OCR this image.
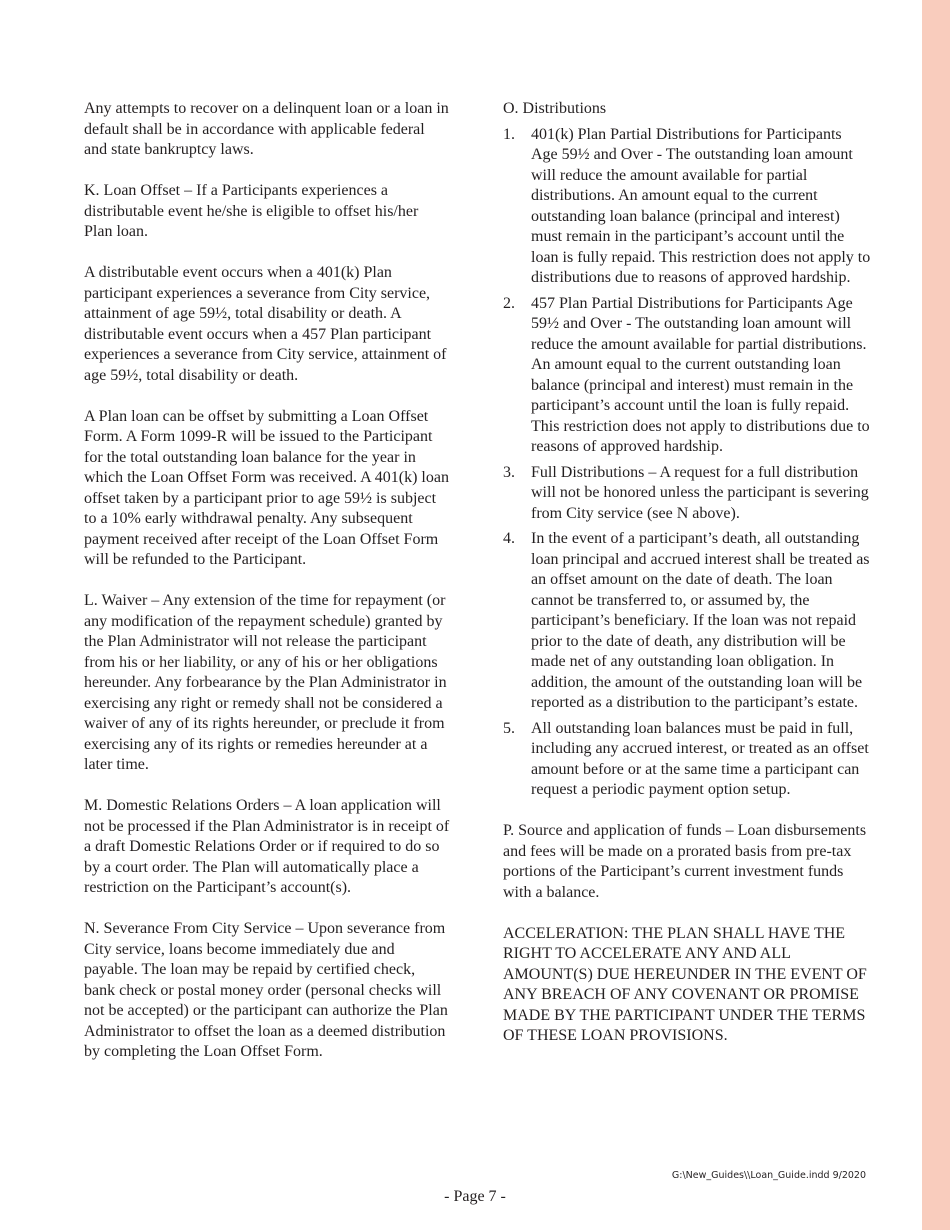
Any attempts to recover on a delinquent loan or a loan in default shall be in accordance with applicable federal and state bankruptcy laws.

K. Loan Offset – If a Participants experiences a distributable event he/she is eligible to offset his/her Plan loan.

A distributable event occurs when a 401(k) Plan participant experiences a severance from City service, attainment of age 59½, total disability or death. A distributable event occurs when a 457 Plan participant experiences a severance from City service, attainment of age 59½, total disability or death.

A Plan loan can be offset by submitting a Loan Offset Form. A Form 1099-R will be issued to the Participant for the total outstanding loan balance for the year in which the Loan Offset Form was received. A 401(k) loan offset taken by a participant prior to age 59½ is subject to a 10% early withdrawal penalty. Any subsequent payment received after receipt of the Loan Offset Form will be refunded to the Participant.

L. Waiver – Any extension of the time for repayment (or any modification of the repayment schedule) granted by the Plan Administrator will not release the participant from his or her liability, or any of his or her obligations hereunder. Any forbearance by the Plan Administrator in exercising any right or remedy shall not be considered a waiver of any of its rights hereunder, or preclude it from exercising any of its rights or remedies hereunder at a later time.

M. Domestic Relations Orders – A loan application will not be processed if the Plan Administrator is in receipt of a draft Domestic Relations Order or if required to do so by a court order. The Plan will automatically place a restriction on the Participant’s account(s).

N. Severance From City Service – Upon severance from City service, loans become immediately due and payable. The loan may be repaid by certified check, bank check or postal money order (personal checks will not be accepted) or the participant can authorize the Plan Administrator to offset the loan as a deemed distribution by completing the Loan Offset Form.

O. Distributions

1. 401(k) Plan Partial Distributions for Participants Age 59½ and Over - The outstanding loan amount will reduce the amount available for partial distributions. An amount equal to the current outstanding loan balance (principal and interest) must remain in the participant’s account until the loan is fully repaid. This restriction does not apply to distributions due to reasons of approved hardship.
2. 457 Plan Partial Distributions for Participants Age 59½ and Over - The outstanding loan amount will reduce the amount available for partial distributions. An amount equal to the current outstanding loan balance (principal and interest) must remain in the participant’s account until the loan is fully repaid. This restriction does not apply to distributions due to reasons of approved hardship.
3. Full Distributions – A request for a full distribution will not be honored unless the participant is severing from City service (see N above).
4. In the event of a participant’s death, all outstanding loan principal and accrued interest shall be treated as an offset amount on the date of death. The loan cannot be transferred to, or assumed by, the participant’s beneficiary. If the loan was not repaid prior to the date of death, any distribution will be made net of any outstanding loan obligation. In addition, the amount of the outstanding loan will be reported as a distribution to the participant’s estate.
5. All outstanding loan balances must be paid in full, including any accrued interest, or treated as an offset amount before or at the same time a participant can request a periodic payment option setup.

P. Source and application of funds – Loan disbursements and fees will be made on a prorated basis from pre-tax portions of the Participant’s current investment funds with a balance.

ACCELERATION: THE PLAN SHALL HAVE THE RIGHT TO ACCELERATE ANY AND ALL AMOUNT(S) DUE HEREUNDER IN THE EVENT OF ANY BREACH OF ANY COVENANT OR PROMISE MADE BY THE PARTICIPANT UNDER THE TERMS OF THESE LOAN PROVISIONS.

G:\New_Guides\\Loan_Guide.indd 9/2020
- Page 7 -
